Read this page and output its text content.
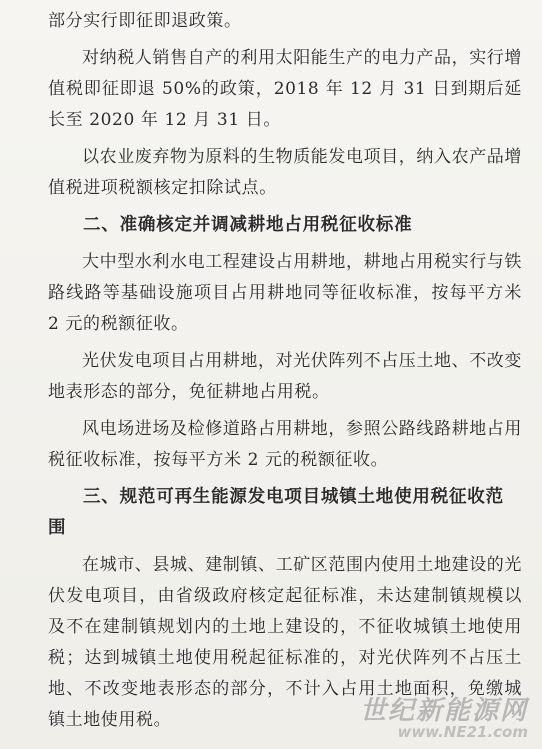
部分实行即征即退政策。

对纳税人销售自产的利用太阳能生产的电力产品，实行增值税即征即退 50%的政策，2018 年 12 月 31 日到期后延长至 2020 年 12 月 31 日。

以农业废弃物为原料的生物质能发电项目，纳入农产品增值税进项税额核定扣除试点。

二、准确核定并调减耕地占用税征收标准

大中型水利水电工程建设占用耕地，耕地占用税实行与铁路线路等基础设施项目占用耕地同等征收标准，按每平方米 2 元的税额征收。

光伏发电项目占用耕地，对光伏阵列不占压土地、不改变地表形态的部分，免征耕地占用税。

风电场进场及检修道路占用耕地，参照公路线路耕地占用税征收标准，按每平方米 2 元的税额征收。

三、规范可再生能源发电项目城镇土地使用税征收范围

在城市、县城、建制镇、工矿区范围内使用土地建设的光伏发电项目，由省级政府核定起征标准，未达建制镇规模以及不在建制镇规划内的土地上建设的，不征收城镇土地使用税；达到城镇土地使用税起征标准的，对光伏阵列不占压土地、不改变地表形态的部分，不计入占用土地面积，免缴城镇土地使用税。	世纪新能源网
www.NE21.com
